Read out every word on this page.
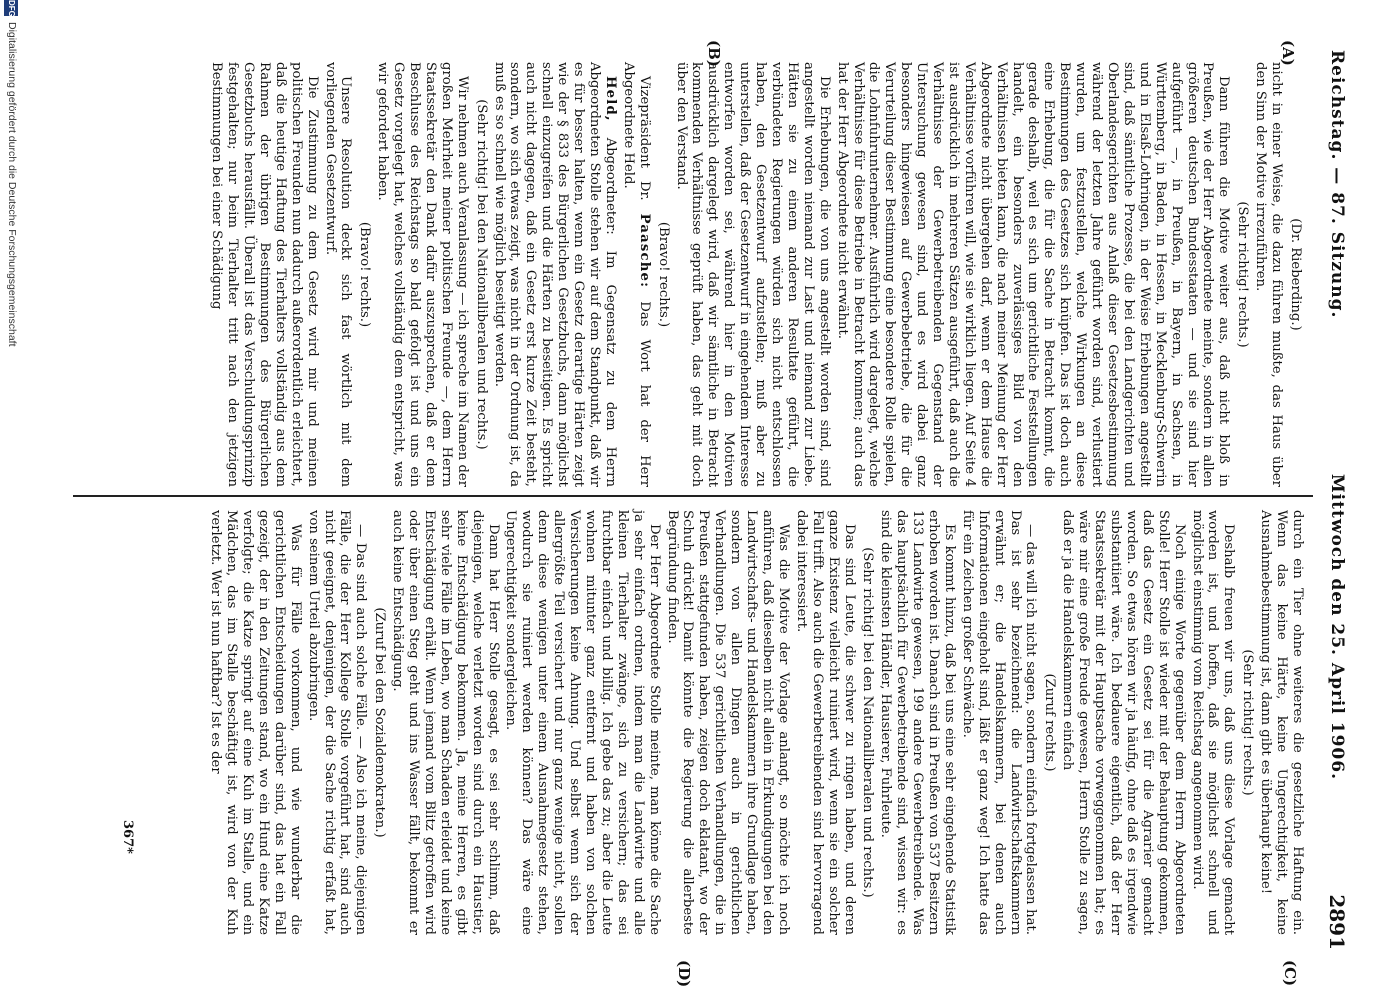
Reichstag. — 87. Sitzung.
Mittwoch den 25. April 1906.
2891
(A)
(B)
(C)
(D)

(Dr. Rieberding.)

nicht in einer Weise, die dazu führen mußte, das Haus über den Sinn der Motive irrezuführen.

(Sehr richtig! rechts.)

Dann führen die Motive weiter aus, daß nicht bloß in Preußen, wie der Herr Abgeordnete meinte, sondern in allen größeren deutschen Bundesstaaten — und sie sind hier aufgeführt —, in Preußen, in Bayern, in Sachsen, in Württemberg, in Baden, in Hessen, in Mecklenburg-Schwerin und in Elsaß-Lothringen, in der Weise Erhebungen angestellt sind, daß sämtliche Prozesse, die bei den Landgerichten und Oberlandesgerichten aus Anlaß dieser Gesetzesbestimmung während der letzten Jahre geführt worden sind, verlustiert wurden, um festzustellen, welche Wirkungen an diese Bestimmungen des Gesetzes sich knüpfen. Das ist doch auch eine Erhebung, die für die Sache in Betracht kommt, die gerade deshalb, weil es sich um gerichtliche Feststellungen handelt, ein besonders zuverlässiges Bild von den Verhältnissen bieten kann, die nach meiner Meinung der Herr Abgeordnete nicht übergehen darf, wenn er dem Hause die Verhältnisse vorführen will, wie sie wirklich liegen. Auf Seite 4 ist ausdrücklich in mehreren Sätzen ausgeführt, daß auch die Verhältnisse der Gewerbetreibenden Gegenstand der Untersuchung gewesen sind, und es wird dabei ganz besonders hingewiesen auf Gewerbebetriebe, die für die Verurteilung dieser Bestimmung eine besondere Rolle spielen, die Lohnfuhrunternehmer. Ausführlich wird dargelegt, welche Verhältnisse für diese Betriebe in Betracht kommen; auch das hat der Herr Abgeordnete nicht erwähnt.

Die Erhebungen, die von uns angestellt worden sind, sind angestellt worden niemand zur Last und niemand zur Liebe. Hätten sie zu einem anderen Resultate geführt, die verbündeten Regierungen würden sich nicht entschlossen haben, den Gesetzentwurf aufzustellen; muß aber zu unterstellen, daß der Gesetzentwurf in eingehendem Interesse entworfen worden sei, während hier in den Motiven ausdrücklich dargelegt wird, daß wir sämtliche in Betracht kommenden Verhältnisse geprüft haben, das geht mit doch über den Verstand.

(Bravo! rechts.)

Vizepräsident Dr. Paasche: Das Wort hat der Herr Abgeordnete Held.

Held, Abgeordneter: Im Gegensatz zu dem Herrn Abgeordneten Stolle stehen wir auf dem Standpunkt, daß wir es für besser halten, wenn ein Gesetz derartige Härten zeigt wie der § 833 des Bürgerlichen Gesetzbuchs, dann möglichst schnell einzugreifen und die Härten zu beseitigen. Es spricht auch nicht dagegen, daß ein Gesetz erst kurze Zeit besteht, sondern, wo sich etwas zeigt, was nicht in der Ordnung ist, da muß es so schnell wie möglich beseitigt werden.

(Sehr richtig! bei den Nationalliberalen und rechts.)

Wir nehmen auch Veranlassung — ich spreche im Namen der großen Mehrheit meiner politischen Freunde —, dem Herrn Staatssekretär den Dank dafür auszusprechen, daß er dem Beschlusse des Reichstags so bald gefolgt ist und uns ein Gesetz vorgelegt hat, welches vollständig dem entspricht, was wir gefordert haben.

(Bravo! rechts.)

Unsere Resolution deckt sich fast wörtlich mit dem vorliegenden Gesetzentwurf.

Die Zustimmung zu dem Gesetz wird mir und meinen politischen Freunden nun dadurch außerordentlich erleichtert, daß die heutige Haftung des Tierhalters vollständig aus dem Rahmen der übrigen Bestimmungen des Bürgerlichen Gesetzbuchs herausfällt. Überall ist das Verschuldungsprinzip festgehalten; nur beim Tierhalter tritt nach den jetzigen Bestimmungen bei einer Schädigung

durch ein Tier ohne weiteres die gesetzliche Haftung ein. Wenn das keine Härte, keine Ungerechtigkeit, keine Ausnahmebestimmung ist, dann gibt es überhaupt keine!

(Sehr richtig! rechts.)

Deshalb freuen wir uns, daß uns diese Vorlage gemacht worden ist, und hoffen, daß sie möglichst schnell und möglichst einstimmig vom Reichstag angenommen wird.

Noch einige Worte gegenüber dem Herrn Abgeordneten Stolle! Herr Stolle ist wieder mit der Behauptung gekommen, daß das Gesetz ein Gesetz sei für die Agrarier gemacht worden. So etwas hören wir ja häufig, ohne daß es irgendwie substantiiert wäre. Ich bedauere eigentlich, daß der Herr Staatssekretär mit der Hauptsache vorweggenommen hat; es wäre mir eine große Freude gewesen, Herrn Stolle zu sagen, daß er ja die Handelskammern einfach

(Zuruf rechts.)

— das will ich nicht sagen, sondern einfach fortgelassen hat. Das ist sehr bezeichnend: die Landwirtschaftskammern erwähnt er; die Handelskammern, bei denen auch Informationen eingeholt sind, läßt er ganz weg! Ich hatte das für ein Zeichen großer Schwäche.

Es kommt hinzu, daß bei uns eine sehr eingehende Statistik erhoben worden ist. Danach sind in Preußen von 537 Besitzern 133 Landwirte gewesen, 199 andere Gewerbetreibende. Was das hauptsächlich für Gewerbetreibende sind, wissen wir: es sind die kleinsten Händler, Hausierer, Fuhrleute.

(Sehr richtig! bei den Nationalliberalen und rechts.)

Das sind Leute, die schwer zu ringen haben, und deren ganze Existenz vielleicht ruiniert wird, wenn sie ein solcher Fall trifft. Also auch die Gewerbetreibenden sind hervorragend dabei interessiert.

Was die Motive der Vorlage anlangt, so möchte ich noch anführen, daß dieselben nicht allein in Erkundigungen bei den Landwirtschafts- und Handelskammern ihre Grundlage haben, sondern von allen Dingen auch in gerichtlichen Verhandlungen. Die 537 gerichtlichen Verhandlungen, die in Preußen stattgefunden haben, zeigen doch eklatant, wo der Schuh drückt! Damit könnte die Regierung die allerbeste Begründung finden.

Der Herr Abgeordnete Stolle meinte, man könne die Sache ja sehr einfach ordnen, indem man die Landwirte und alle kleinen Tierhalter zwänge, sich zu versichern; das sei furchtbar einfach und billig. Ich gebe das zu; aber die Leute wohnen mitunter ganz entfernt und haben von solchen Versicherungen keine Ahnung. Und selbst wenn sich der allergrößte Teil versichert und nur ganz wenige nicht, sollen denn diese wenigen unter einem Ausnahmegesetz stehen, wodurch sie ruiniert werden können? Das wäre eine Ungerechtigkeit sondergleichen.

Dann hat Herr Stolle gesagt, es sei sehr schlimm, daß diejenigen, welche verletzt worden sind durch ein Haustier, keine Entschädigung bekommen. Ja, meine Herren, es gibt sehr viele Fälle im Leben, wo man Schaden erleidet und keine Entschädigung erhält. Wenn jemand vom Blitz getroffen wird oder über einen Steg geht und ins Wasser fällt, bekommt er auch keine Entschädigung.

(Zuruf bei den Sozialdemokraten.)

— Das sind auch solche Fälle. — Also ich meine, diejenigen Fälle, die der Herr Kollege Stolle vorgeführt hat, sind auch nicht geeignet, denjenigen, der die Sache richtig erfaßt hat, von seinem Urteil abzubringen.

Was für Fälle vorkommen, und wie wunderbar die gerichtlichen Entscheidungen darüber sind, das hat ein Fall gezeigt, der in den Zeitungen stand, wo ein Hund eine Katze verfolgte; die Katze springt auf eine Kuh im Stalle, und ein Mädchen, das im Stalle beschäftigt ist, wird von der Kuh verletzt. Wer ist nun haftbar? Ist es der

367*
DFG
Digitalisierung gefördert durch die Deutsche Forschungsgemeinschaft
